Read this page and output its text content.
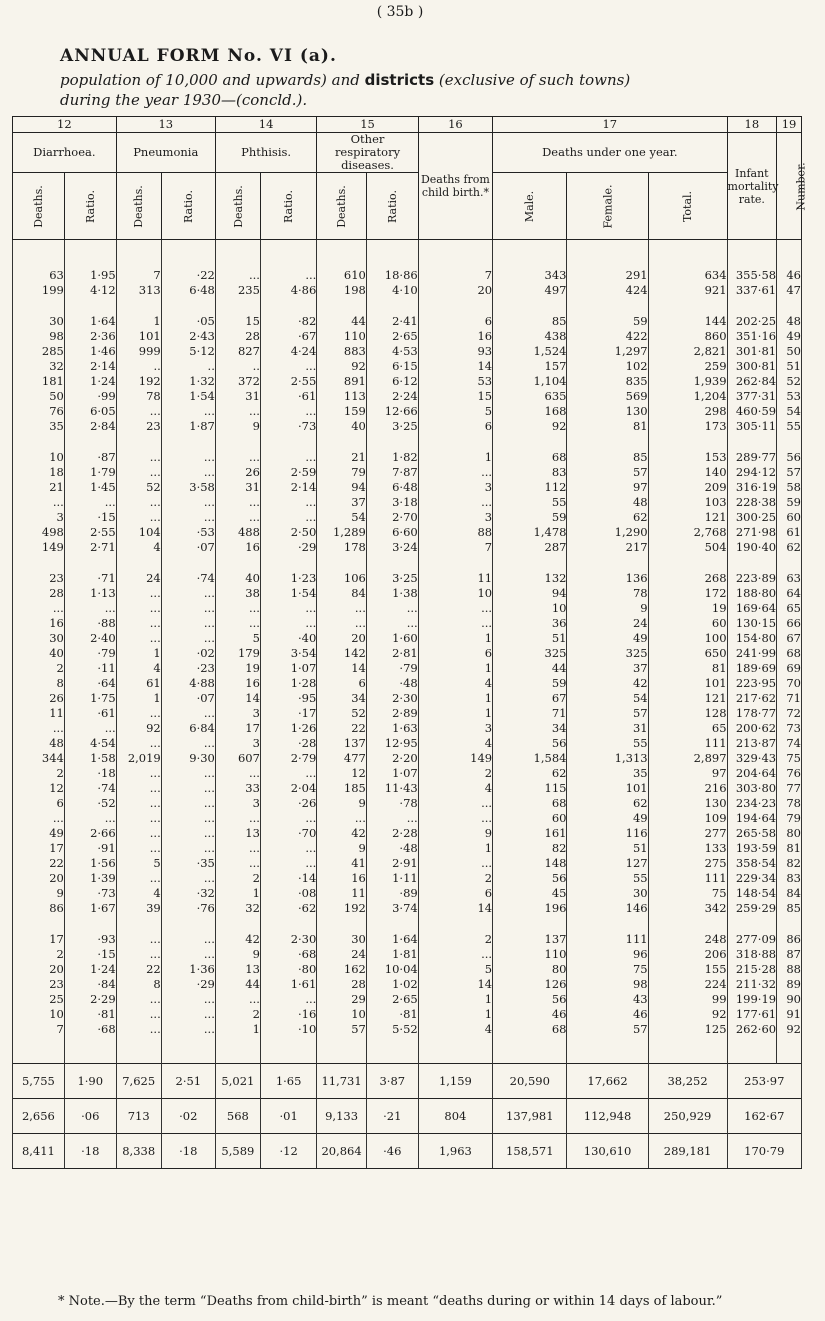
( 35b )
ANNUAL FORM No. VI (a).
population of 10,000 and upwards) and districts (exclusive of such towns)
during the year 1930—(concld.).
12		13		14		15		16	17			18	19
Diarrhoea.		Pneumonia		Phthisis.		Other respiratory diseases.		Deaths from child birth.*	Deaths under one year.			Infant mortality rate.	Number.
Deaths.	Ratio.	Deaths.	Ratio.	Deaths.	Ratio.	Deaths.	Ratio.		Male.	Female.	Total.		

63	1·95	7	·22	...	...	610	18·86	7	343	291	634	355·58	46
199	4·12	313	6·48	235	4·86	198	4·10	20	497	424	921	337·61	47

30	1·64	1	·05	15	·82	44	2·41	6	85	59	144	202·25	48
98	2·36	101	2·43	28	·67	110	2·65	16	438	422	860	351·16	49
285	1·46	999	5·12	827	4·24	883	4·53	93	1,524	1,297	2,821	301·81	50
32	2·14	..	..	..	...	92	6·15	14	157	102	259	300·81	51
181	1·24	192	1·32	372	2·55	891	6·12	53	1,104	835	1,939	262·84	52
50	·99	78	1·54	31	·61	113	2·24	15	635	569	1,204	377·31	53
76	6·05	...	...	...	...	159	12·66	5	168	130	298	460·59	54
35	2·84	23	1·87	9	·73	40	3·25	6	92	81	173	305·11	55

10	·87	...	...	...	...	21	1·82	1	68	85	153	289·77	56
18	1·79	...	...	26	2·59	79	7·87	...	83	57	140	294·12	57
21	1·45	52	3·58	31	2·14	94	6·48	3	112	97	209	316·19	58
...	...	...	...	...	...	37	3·18	...	55	48	103	228·38	59
3	·15	...	...	...	...	54	2·70	3	59	62	121	300·25	60
498	2·55	104	·53	488	2·50	1,289	6·60	88	1,478	1,290	2,768	271·98	61
149	2·71	4	·07	16	·29	178	3·24	7	287	217	504	190·40	62

23	·71	24	·74	40	1·23	106	3·25	11	132	136	268	223·89	63
28	1·13	...	...	38	1·54	84	1·38	10	94	78	172	188·80	64
...	...	...	...	...	...	...	...	...	10	9	19	169·64	65
16	·88	...	...	...	...	...	...	...	36	24	60	130·15	66
30	2·40	...	...	5	·40	20	1·60	1	51	49	100	154·80	67
40	·79	1	·02	179	3·54	142	2·81	6	325	325	650	241·99	68
2	·11	4	·23	19	1·07	14	·79	1	44	37	81	189·69	69
8	·64	61	4·88	16	1·28	6	·48	4	59	42	101	223·95	70
26	1·75	1	·07	14	·95	34	2·30	1	67	54	121	217·62	71
11	·61	...	...	3	·17	52	2·89	1	71	57	128	178·77	72
...	...	92	6·84	17	1·26	22	1·63	3	34	31	65	200·62	73
48	4·54	...	...	3	·28	137	12·95	4	56	55	111	213·87	74
344	1·58	2,019	9·30	607	2·79	477	2·20	149	1,584	1,313	2,897	329·43	75
2	·18	...	...	...	...	12	1·07	2	62	35	97	204·64	76
12	·74	...	...	33	2·04	185	11·43	4	115	101	216	303·80	77
6	·52	...	...	3	·26	9	·78	...	68	62	130	234·23	78
...	...	...	...	...	...	...	...	...	60	49	109	194·64	79
49	2·66	...	...	13	·70	42	2·28	9	161	116	277	265·58	80
17	·91	...	...	...	...	9	·48	1	82	51	133	193·59	81
22	1·56	5	·35	...	...	41	2·91	...	148	127	275	358·54	82
20	1·39	...	...	2	·14	16	1·11	2	56	55	111	229·34	83
9	·73	4	·32	1	·08	11	·89	6	45	30	75	148·54	84
86	1·67	39	·76	32	·62	192	3·74	14	196	146	342	259·29	85

17	·93	...	...	42	2·30	30	1·64	2	137	111	248	277·09	86
2	·15	...	...	9	·68	24	1·81	...	110	96	206	318·88	87
20	1·24	22	1·36	13	·80	162	10·04	5	80	75	155	215·28	88
23	·84	8	·29	44	1·61	28	1·02	14	126	98	224	211·32	89
25	2·29	...	...	...	...	29	2·65	1	56	43	99	199·19	90
10	·81	...	...	2	·16	10	·81	1	46	46	92	177·61	91
7	·68	...	...	1	·10	57	5·52	4	68	57	125	262·60	92

5,755	1·90	7,625	2·51	5,021	1·65	11,731	3·87	1,159	20,590	17,662	38,252	253·97	
2,656	·06	713	·02	568	·01	9,133	·21	804	137,981	112,948	250,929	162·67	
8,411	·18	8,338	·18	5,589	·12	20,864	·46	1,963	158,571	130,610	289,181	170·79	
* Note.—By the term “Deaths from child-birth” is meant “deaths during or within 14 days of labour.”
